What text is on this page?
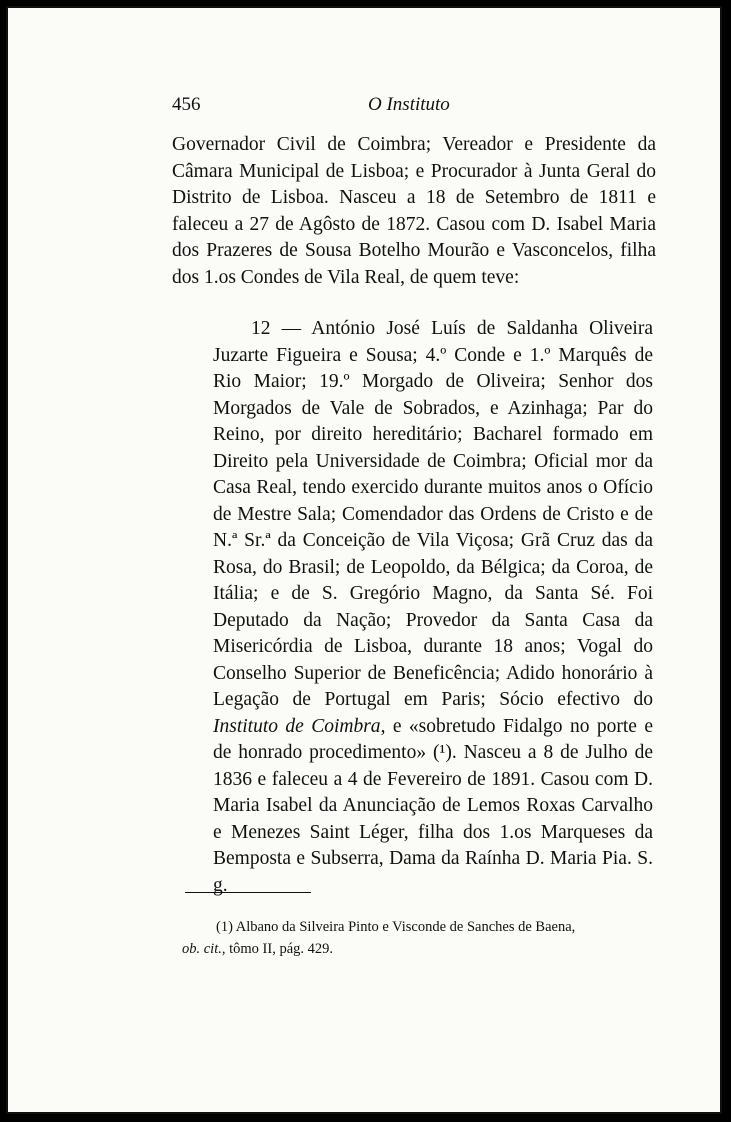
456	O Instituto

Governador Civil de Coimbra; Vereador e Presidente da Câmara Municipal de Lisboa; e Procurador à Junta Geral do Distrito de Lisboa. Nasceu a 18 de Setembro de 1811 e faleceu a 27 de Agôsto de 1872. Casou com D. Isabel Maria dos Prazeres de Sousa Botelho Mourão e Vasconcelos, filha dos 1.os Condes de Vila Real, de quem teve:

12 — António José Luís de Saldanha Oliveira Juzarte Figueira e Sousa; 4.º Conde e 1.º Marquês de Rio Maior; 19.º Morgado de Oliveira; Senhor dos Morgados de Vale de Sobrados, e Azinhaga; Par do Reino, por direito hereditário; Bacharel formado em Direito pela Universidade de Coimbra; Oficial mor da Casa Real, tendo exercido durante muitos anos o Ofício de Mestre Sala; Comendador das Ordens de Cristo e de N.ª Sr.ª da Conceição de Vila Viçosa; Grã Cruz das da Rosa, do Brasil; de Leopoldo, da Bélgica; da Coroa, de Itália; e de S. Gregório Magno, da Santa Sé. Foi Deputado da Nação; Provedor da Santa Casa da Misericórdia de Lisboa, durante 18 anos; Vogal do Conselho Superior de Beneficência; Adido honorário à Legação de Portugal em Paris; Sócio efectivo do Instituto de Coimbra, e «sobretudo Fidalgo no porte e de honrado procedimento» (¹). Nasceu a 8 de Julho de 1836 e faleceu a 4 de Fevereiro de 1891. Casou com D. Maria Isabel da Anunciação de Lemos Roxas Carvalho e Menezes Saint Léger, filha dos 1.os Marqueses da Bemposta e Subserra, Dama da Raínha D. Maria Pia. S. g.

(1) Albano da Silveira Pinto e Visconde de Sanches de Baena,
ob. cit., tômo II, pág. 429.
